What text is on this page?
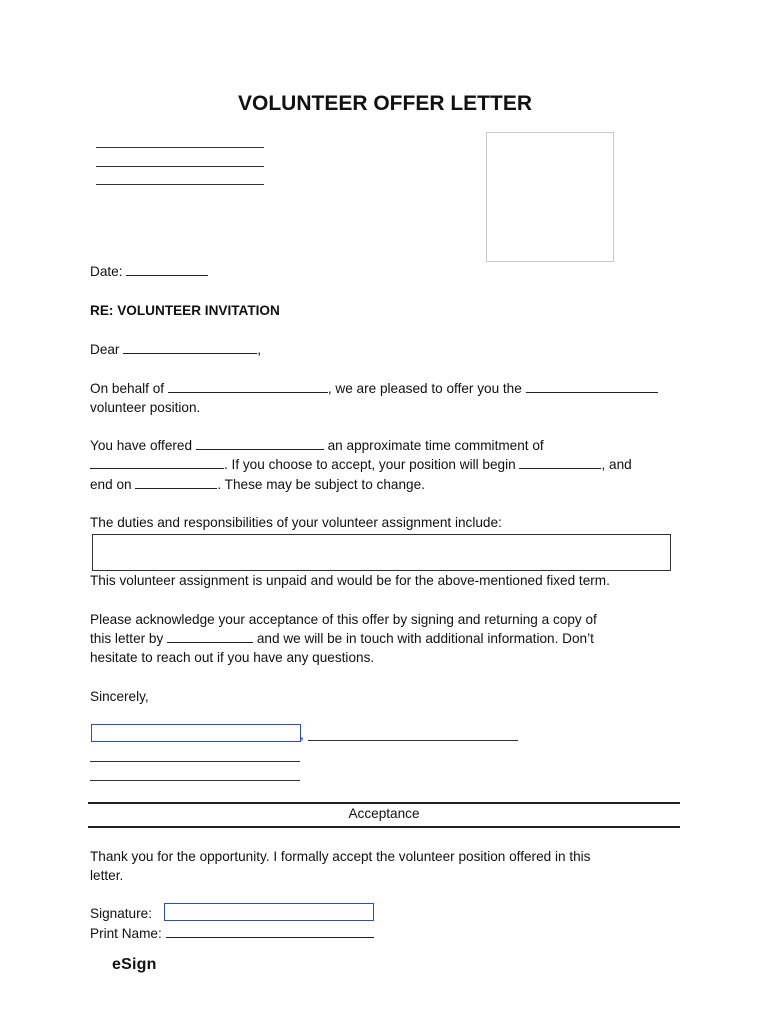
VOLUNTEER OFFER LETTER
Date:
RE: VOLUNTEER INVITATION
Dear	,
On behalf of	, we are pleased to offer you the
volunteer position.
You have offered	an approximate time commitment of
. If you choose to accept, your position will begin	, and
end on	. These may be subject to change.
The duties and responsibilities of your volunteer assignment include:
This volunteer assignment is unpaid and would be for the above-mentioned fixed term.
Please acknowledge your acceptance of this offer by signing and returning a copy of
this letter by	and we will be in touch with additional information. Don’t
hesitate to reach out if you have any questions.
Sincerely,
,
Acceptance
Thank you for the opportunity. I formally accept the volunteer position offered in this
letter.
Signature:
Print Name:
eSign
